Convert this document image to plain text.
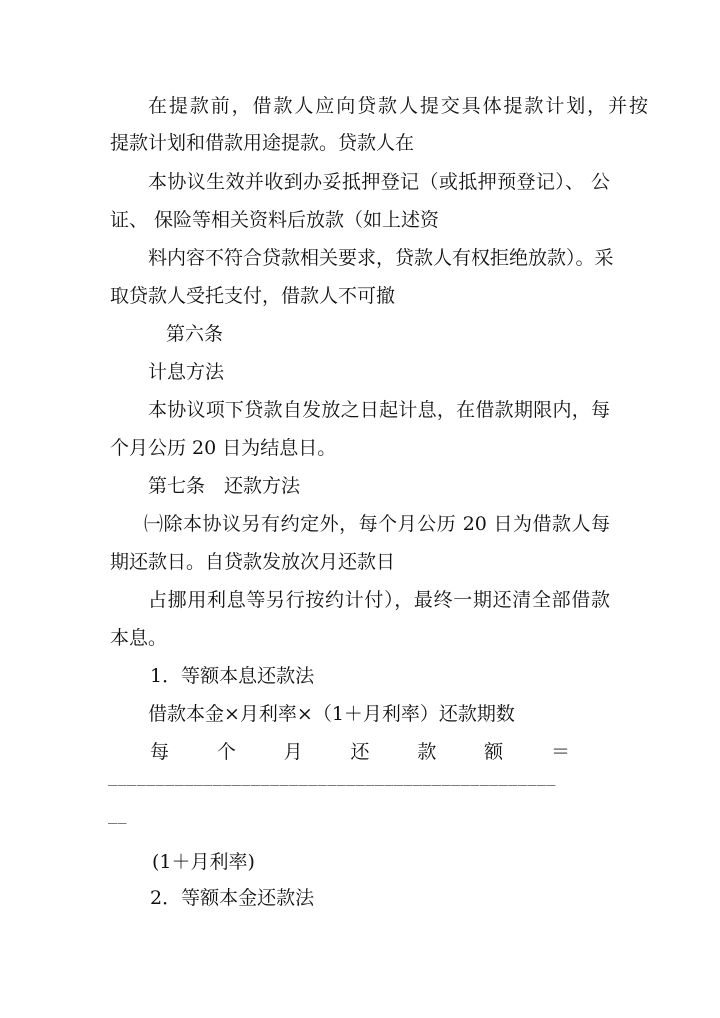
在提款前，借款人应向贷款人提交具体提款计划，并按

提款计划和借款用途提款。贷款人在

本协议生效并收到办妥抵押登记（或抵押预登记）、 公

证、 保险等相关资料后放款（如上述资

料内容不符合贷款相关要求，贷款人有权拒绝放款）。采

取贷款人受托支付，借款人不可撤

第六条

计息方法

本协议项下贷款自发放之日起计息，在借款期限内，每

个月公历 20 日为结息日。

第七条　还款方法

㈠除本协议另有约定外，每个月公历 20 日为借款人每

期还款日。自贷款发放次月还款日

占挪用利息等另行按约计付），最终一期还清全部借款

本息。

1．等额本息还款法

借款本金×月利率×（1＋月利率）还款期数

每	个	月	还	款	额	＝
_______________________________________________
__

(1＋月利率)

2．等额本金还款法
